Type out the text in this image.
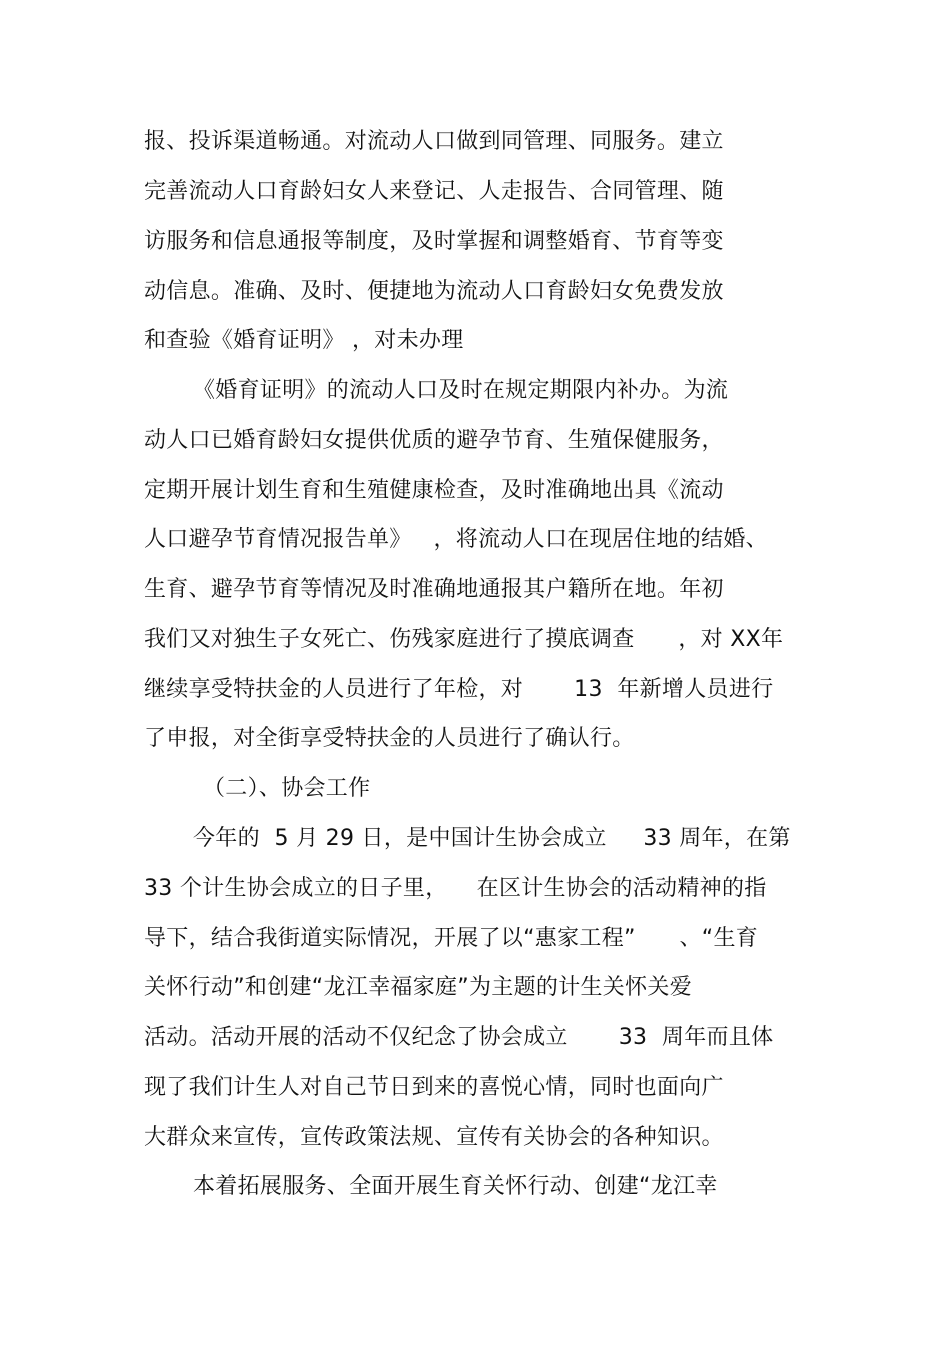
报、投诉渠道畅通。对流动人口做到同管理、同服务。建立
完善流动人口育龄妇女人来登记、人走报告、合同管理、随
访服务和信息通报等制度，及时掌握和调整婚育、节育等变
动信息。准确、及时、便捷地为流动人口育龄妇女免费发放
和查验《婚育证明》 ，对未办理
《婚育证明》的流动人口及时在规定期限内补办。为流
动人口已婚育龄妇女提供优质的避孕节育、生殖保健服务，
定期开展计划生育和生殖健康检查，及时准确地出具《流动
人口避孕节育情况报告单》   ，将流动人口在现居住地的结婚、
生育、避孕节育等情况及时准确地通报其户籍所在地。年初
我们又对独生子女死亡、伤残家庭进行了摸底调查      ，对 XX年
继续享受特扶金的人员进行了年检，对       13  年新增人员进行
了申报，对全街享受特扶金的人员进行了确认行。
（二）、协会工作
今年的  5 月 29 日，是中国计生协会成立     33 周年，在第
33 个计生协会成立的日子里，    在区计生协会的活动精神的指
导下，结合我街道实际情况，开展了以“惠家工程”      、“生育
关怀行动”和创建“龙江幸福家庭”为主题的计生关怀关爱
活动。活动开展的活动不仅纪念了协会成立       33  周年而且体
现了我们计生人对自己节日到来的喜悦心情，同时也面向广
大群众来宣传，宣传政策法规、宣传有关协会的各种知识。
本着拓展服务、全面开展生育关怀行动、创建“龙江幸
